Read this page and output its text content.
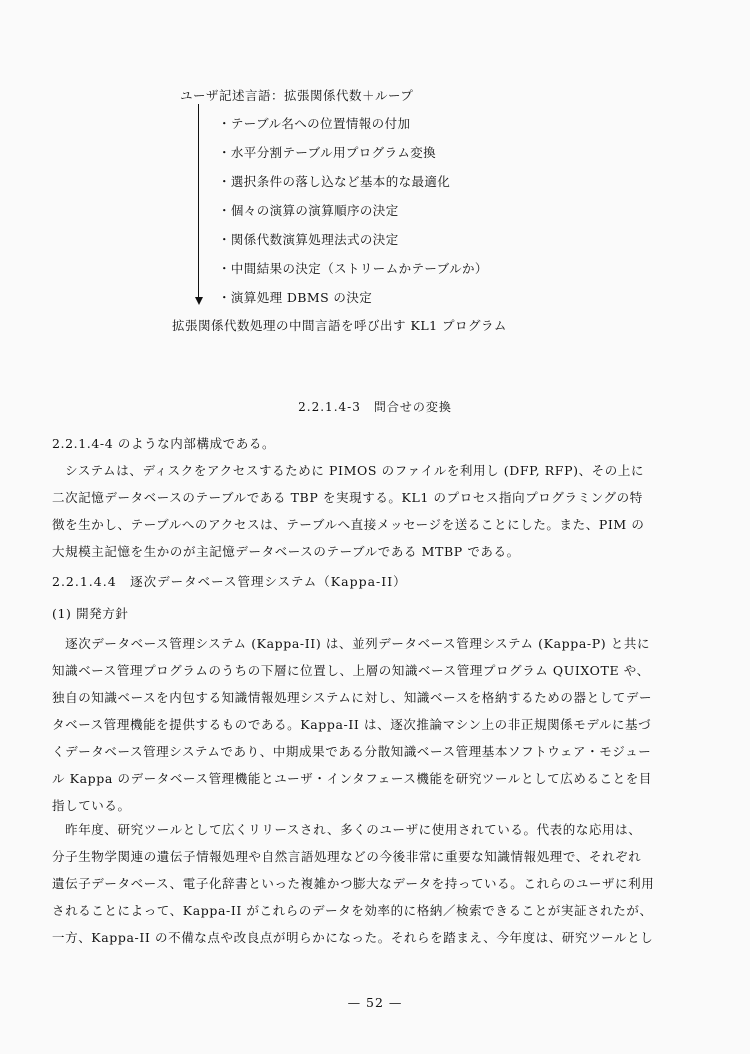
ユーザ記述言語：拡張関係代数＋ループ
・テーブル名への位置情報の付加
・水平分割テーブル用プログラム変換
・選択条件の落し込など基本的な最適化
・個々の演算の演算順序の決定
・関係代数演算処理法式の決定
・中間結果の決定（ストリームかテーブルか）
・演算処理 DBMS の決定
拡張関係代数処理の中間言語を呼び出す KL1 プログラム
2.2.1.4-3　問合せの変換
2.2.1.4-4 のような内部構成である。
　システムは、ディスクをアクセスするために PIMOS のファイルを利用し (DFP, RFP)、その上に
二次記憶データベースのテーブルである TBP を実現する。KL1 のプロセス指向プログラミングの特
徴を生かし、テーブルへのアクセスは、テーブルへ直接メッセージを送ることにした。また、PIM の
大規模主記憶を生かのが主記憶データベースのテーブルである MTBP である。
2.2.1.4.4　逐次データベース管理システム（Kappa-II）
(1) 開発方針
　逐次データベース管理システム (Kappa-II) は、並列データベース管理システム (Kappa-P) と共に
知識ベース管理プログラムのうちの下層に位置し、上層の知識ベース管理プログラム QUIXOTE や、
独自の知識ベースを内包する知識情報処理システムに対し、知識ベースを格納するための器としてデー
タベース管理機能を提供するものである。Kappa-II は、逐次推論マシン上の非正規関係モデルに基づ
くデータベース管理システムであり、中期成果である分散知識ベース管理基本ソフトウェア・モジュー
ル Kappa のデータベース管理機能とユーザ・インタフェース機能を研究ツールとして広めることを目
指している。
　昨年度、研究ツールとして広くリリースされ、多くのユーザに使用されている。代表的な応用は、
分子生物学関連の遺伝子情報処理や自然言語処理などの今後非常に重要な知識情報処理で、それぞれ
遺伝子データベース、電子化辞書といった複雑かつ膨大なデータを持っている。これらのユーザに利用
されることによって、Kappa-II がこれらのデータを効率的に格納／検索できることが実証されたが、
一方、Kappa-II の不備な点や改良点が明らかになった。それらを踏まえ、今年度は、研究ツールとし
— 52 —
